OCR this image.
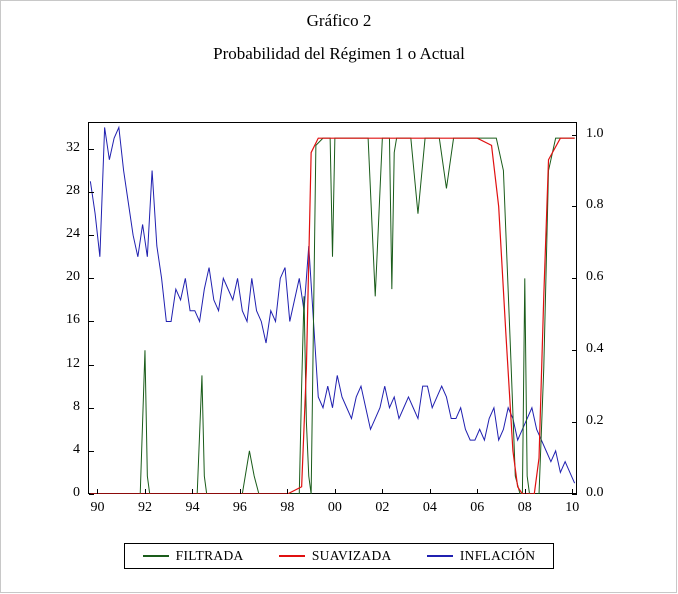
Gráfico 2
Probabilidad del Régimen 1 o Actual
0
4
8
12
16
20
24
28
32
0.0
0.2
0.4
0.6
0.8
1.0
90	92	94	96	98	00	02	04	06	08	10
FILTRADA	SUAVIZADA	INFLACIÓN
